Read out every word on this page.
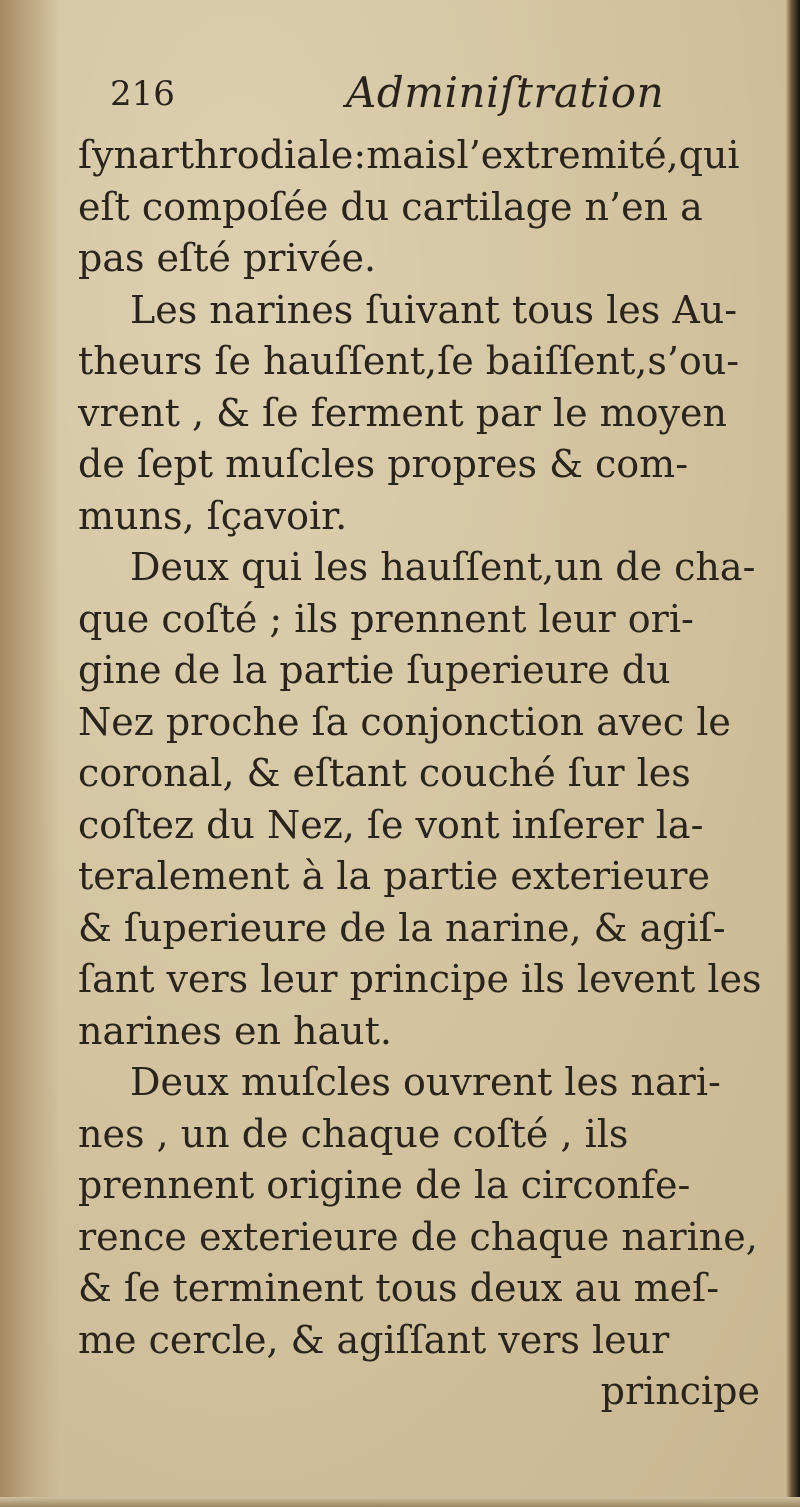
216	Adminiſtration
ſynarthrodiale:maisl’extremité,qui
eſt compoſée du cartilage n’en a
pas eſté privée.
Les narines ſuivant tous les Au-
theurs ſe hauſſent,ſe baiſſent,s’ou-
vrent , & ſe ferment par le moyen
de ſept muſcles propres & com-
muns, ſçavoir.
Deux qui les hauſſent,un de cha-
que coſté ; ils prennent leur ori-
gine de la partie ſuperieure du
Nez proche ſa conjonction avec le
coronal, & eſtant couché ſur les
coſtez du Nez, ſe vont inſerer la-
teralement à la partie exterieure
& ſuperieure de la narine, & agiſ-
ſant vers leur principe ils levent les
narines en haut.
Deux muſcles ouvrent les nari-
nes , un de chaque coſté , ils
prennent origine de la circonfe-
rence exterieure de chaque narine,
& ſe terminent tous deux au meſ-
me cercle, & agiſſant vers leur
principe
